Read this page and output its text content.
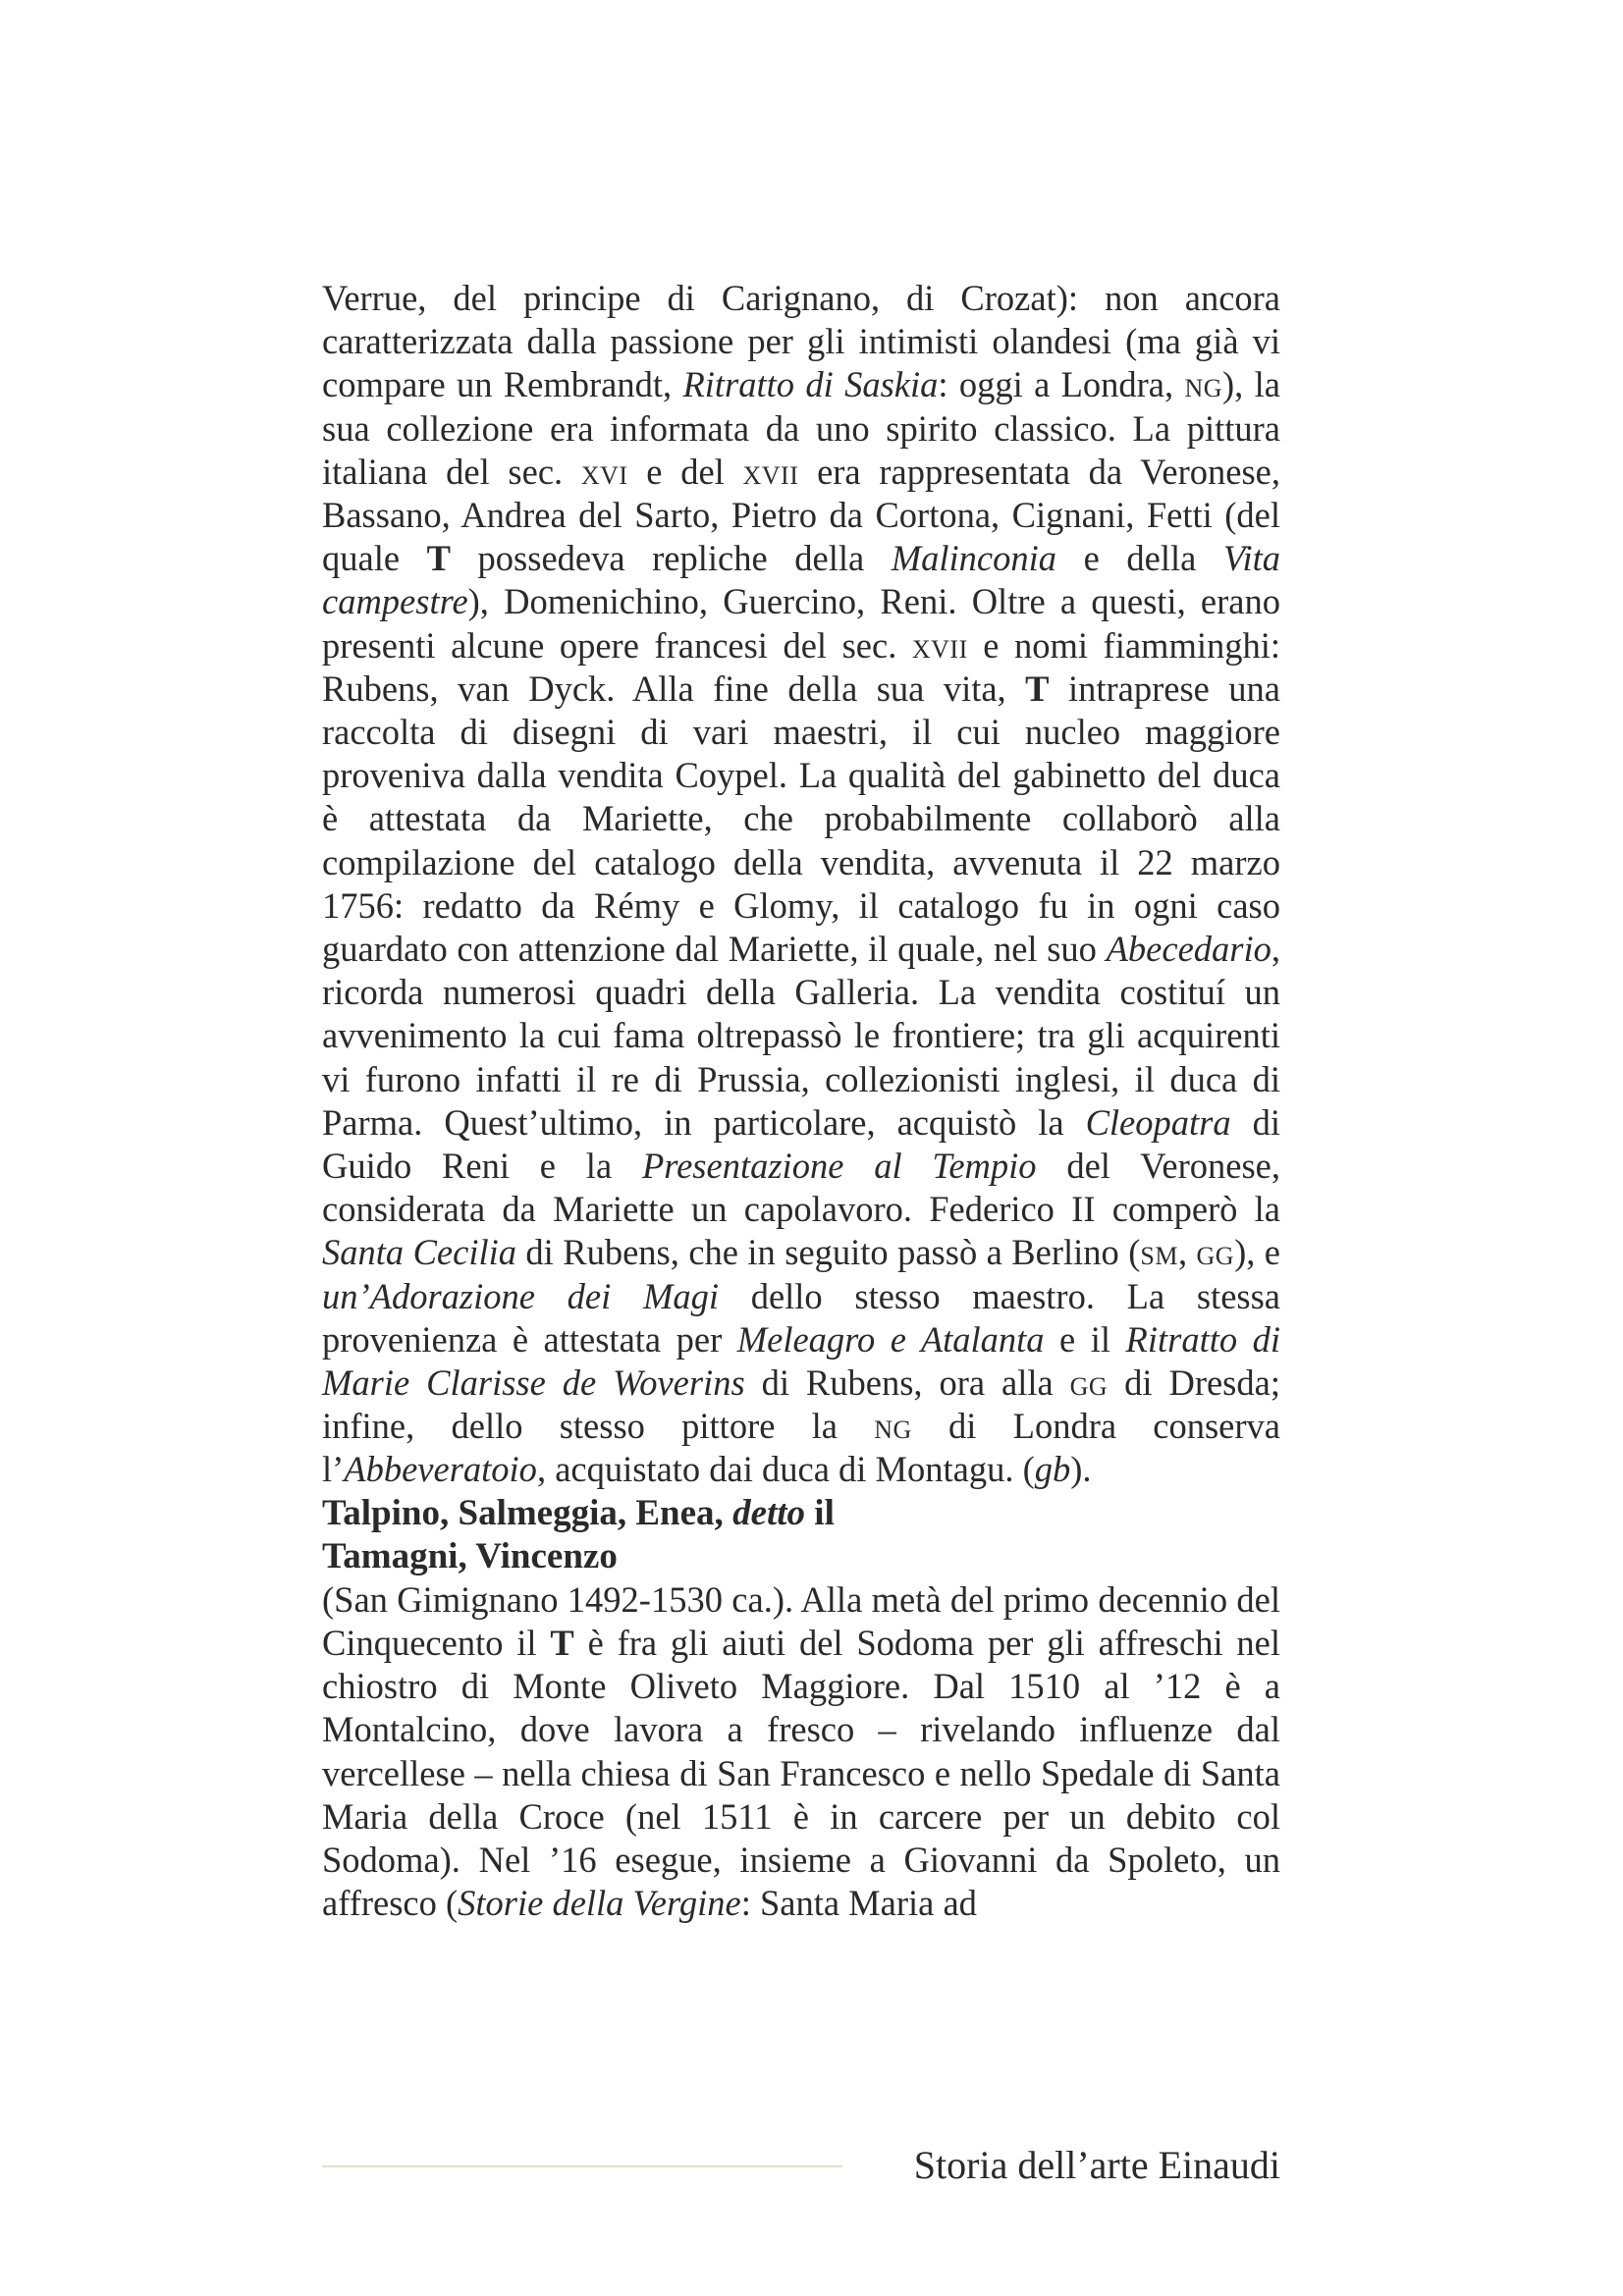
Verrue, del principe di Carignano, di Crozat): non ancora caratterizzata dalla passione per gli intimisti olandesi (ma già vi compare un Rembrandt, Ritratto di Saskia: oggi a Londra, ng), la sua collezione era informata da uno spirito classico. La pittura italiana del sec. xvi e del xvii era rappresentata da Veronese, Bassano, Andrea del Sarto, Pietro da Cortona, Cignani, Fetti (del quale T possedeva repliche della Malinconia e della Vita campestre), Domenichino, Guercino, Reni. Oltre a questi, erano presenti alcune opere francesi del sec. xvii e nomi fiamminghi: Rubens, van Dyck. Alla fine della sua vita, T intraprese una raccolta di disegni di vari maestri, il cui nucleo maggiore proveniva dalla vendita Coypel. La qualità del gabinetto del duca è attestata da Mariette, che probabilmente collaborò alla compilazione del catalogo della vendita, avvenuta il 22 marzo 1756: redatto da Rémy e Glomy, il catalogo fu in ogni caso guardato con attenzione dal Mariette, il quale, nel suo Abecedario, ricorda numerosi quadri della Galleria. La vendita costituí un avvenimento la cui fama oltrepassò le frontiere; tra gli acquirenti vi furono infatti il re di Prussia, collezionisti inglesi, il duca di Parma. Quest’ultimo, in particolare, acquistò la Cleopatra di Guido Reni e la Presentazione al Tempio del Veronese, considerata da Mariette un capolavoro. Federico II comperò la Santa Cecilia di Rubens, che in seguito passò a Berlino (sm, gg), e un’Adorazione dei Magi dello stesso maestro. La stessa provenienza è attestata per Meleagro e Atalanta e il Ritratto di Marie Clarisse de Woverins di Rubens, ora alla gg di Dresda; infine, dello stesso pittore la ng di Londra conserva l’Abbeveratoio, acquistato dai duca di Montagu. (gb).

Talpino, Salmeggia, Enea, detto il

Tamagni, Vincenzo

(San Gimignano 1492-1530 ca.). Alla metà del primo decennio del Cinquecento il T è fra gli aiuti del Sodoma per gli affreschi nel chiostro di Monte Oliveto Maggiore. Dal 1510 al ’12 è a Montalcino, dove lavora a fresco – rivelando influenze dal vercellese – nella chiesa di San Francesco e nello Spedale di Santa Maria della Croce (nel 1511 è in carcere per un debito col Sodoma). Nel ’16 esegue, insieme a Giovanni da Spoleto, un affresco (Storie della Vergine: Santa Maria ad

Storia dell’arte Einaudi
